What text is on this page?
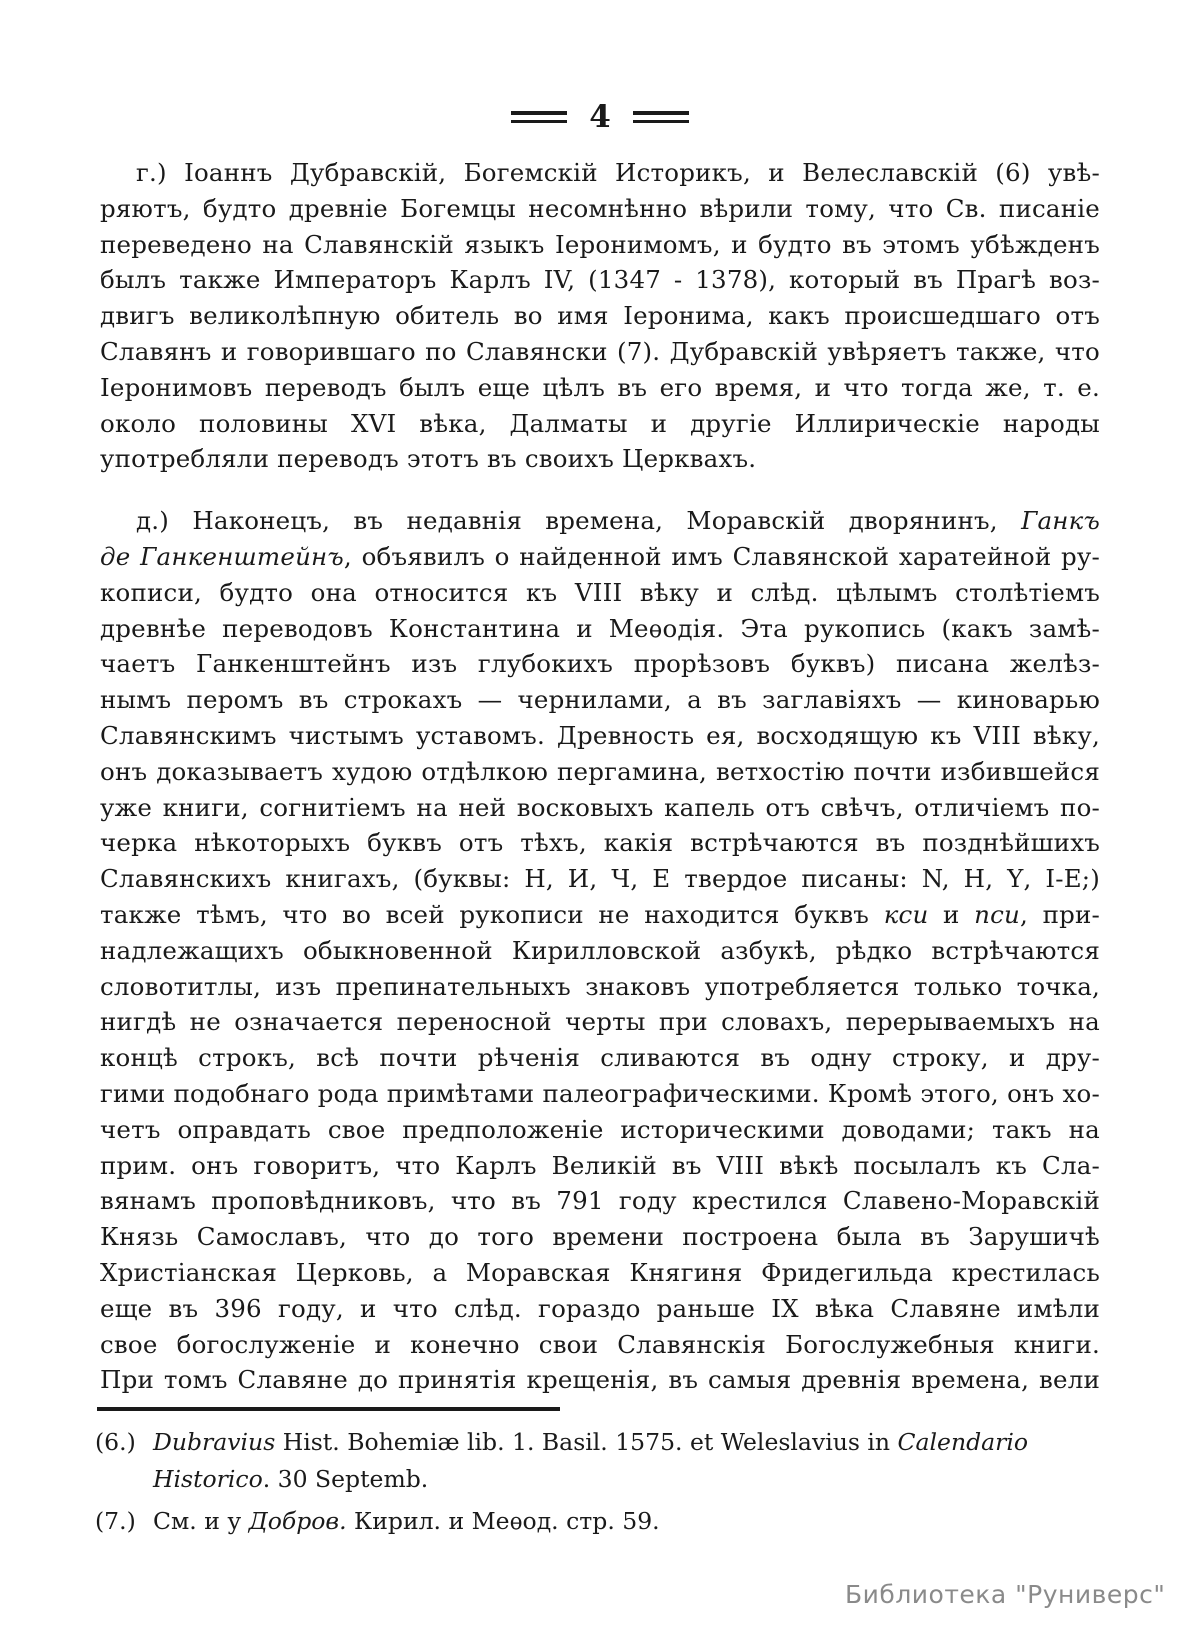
4
г.) Іоаннъ Дубравскій, Богемскій Историкъ, и Велеславскій (6) увѣ-
ряютъ, будто древніе Богемцы несомнѣнно вѣрили тому, что Св. писаніе
переведено на Славянскій языкъ Іеронимомъ, и будто въ этомъ убѣжденъ
былъ также Императоръ Карлъ IV, (1347 - 1378), который въ Прагѣ воз-
двигъ великолѣпную обитель во имя Іеронима, какъ происшедшаго отъ
Славянъ и говорившаго по Славянски (7). Дубравскій увѣряетъ также, что
Іеронимовъ переводъ былъ еще цѣлъ въ его время, и что тогда же, т. е.
около половины XVI вѣка, Далматы и другіе Иллирическіе народы
употребляли переводъ этотъ въ своихъ Церквахъ.
д.) Наконецъ, въ недавнія времена, Моравскій дворянинъ, Ганкъ
де Ганкенштейнъ, объявилъ о найденной имъ Славянской харатейной ру-
кописи, будто она относится къ VIII вѣку и слѣд. цѣлымъ столѣтіемъ
древнѣе переводовъ Константина и Меѳодія. Эта рукопись (какъ замѣ-
чаетъ Ганкенштейнъ изъ глубокихъ прорѣзовъ буквъ) писана желѣз-
нымъ перомъ въ строкахъ — чернилами, а въ заглавіяхъ — киноварью
Славянскимъ чистымъ уставомъ. Древность ея, восходящую къ VIII вѣку,
онъ доказываетъ худою отдѣлкою пергамина, ветхостію почти избившейся
уже книги, согнитіемъ на ней восковыхъ капель отъ свѣчъ, отличіемъ по-
черка нѣкоторыхъ буквъ отъ тѣхъ, какія встрѣчаются въ позднѣйшихъ
Славянскихъ книгахъ, (буквы: Н, И, Ч, Е твердое писаны: N, Н, Υ, І-Е;)
также тѣмъ, что во всей рукописи не находится буквъ кси и пси, при-
надлежащихъ обыкновенной Кирилловской азбукѣ, рѣдко встрѣчаются
словотитлы, изъ препинательныхъ знаковъ употребляется только точка,
нигдѣ не означается переносной черты при словахъ, перерываемыхъ на
концѣ строкъ, всѣ почти рѣченія сливаются въ одну строку, и дру-
гими подобнаго рода примѣтами палеографическими. Кромѣ этого, онъ хо-
четъ оправдать свое предположеніе историческими доводами; такъ на
прим. онъ говоритъ, что Карлъ Великій въ VIII вѣкѣ посылалъ къ Сла-
вянамъ проповѣдниковъ, что въ 791 году крестился Славено-Моравскій
Князь Самославъ, что до того времени построена была въ Зарушичѣ
Христіанская Церковь, а Моравская Княгиня Фридегильда крестилась
еще въ 396 году, и что слѣд. гораздо раньше IX вѣка Славяне имѣли
свое богослуженіе и конечно свои Славянскія Богослужебныя книги.
При томъ Славяне до принятія крещенія, въ самыя древнія времена, вели
(6.) Dubravius Hist. Bohemiæ lib. 1. Basil. 1575. et Weleslavius in Calendario
Historico. 30 Septemb.
(7.) См. и у Добров. Кирил. и Меѳод. стр. 59.
Библиотека "Руниверс"
